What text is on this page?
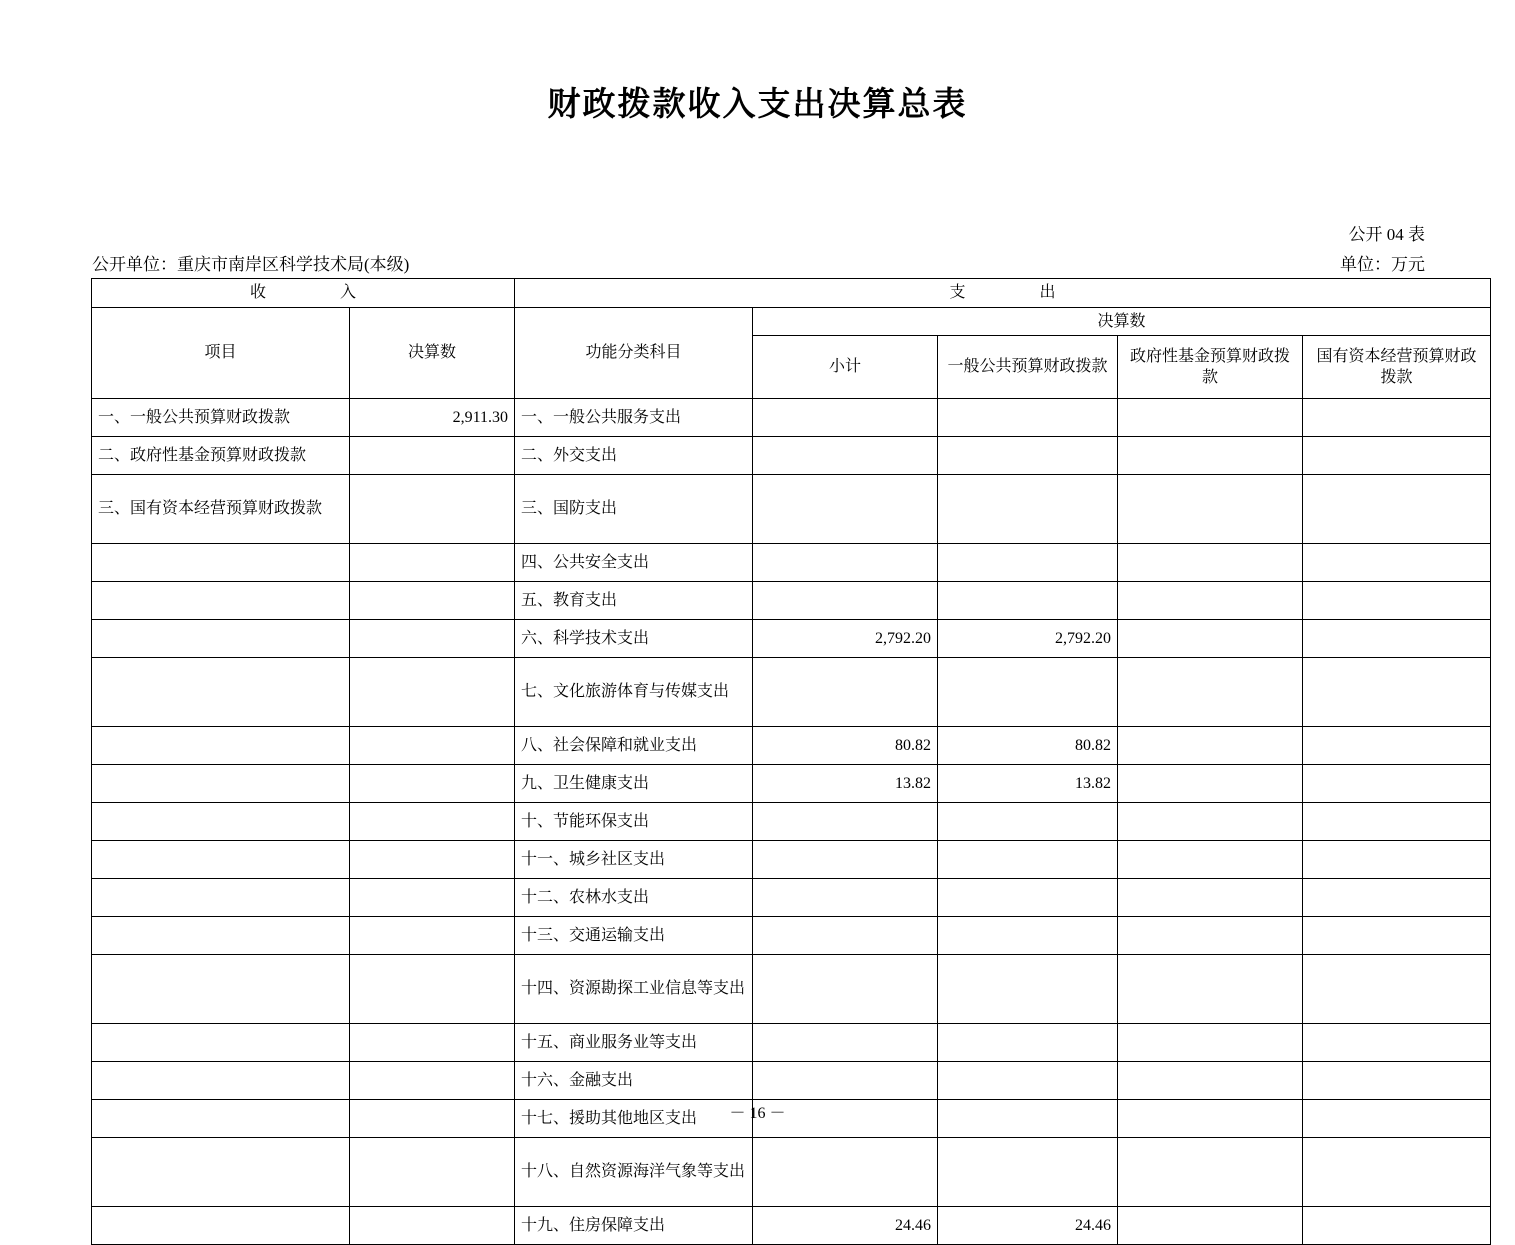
财政拨款收入支出决算总表
公开 04 表
公开单位：重庆市南岸区科学技术局(本级)	单位：万元
收　　入		支　　出				
项目	决算数	功能分类科目	决算数			
			小计	一般公共预算财政拨款	政府性基金预算财政拨款	国有资本经营预算财政拨款
一、一般公共预算财政拨款	2,911.30	一、一般公共服务支出				
二、政府性基金预算财政拨款		二、外交支出				
三、国有资本经营预算财政拨款		三、国防支出				
		四、公共安全支出				
		五、教育支出				
		六、科学技术支出	2,792.20	2,792.20		
		七、文化旅游体育与传媒支出				
		八、社会保障和就业支出	80.82	80.82		
		九、卫生健康支出	13.82	13.82		
		十、节能环保支出				
		十一、城乡社区支出				
		十二、农林水支出				
		十三、交通运输支出				
		十四、资源勘探工业信息等支出				
		十五、商业服务业等支出				
		十六、金融支出				
		十七、援助其他地区支出				
		十八、自然资源海洋气象等支出				
		十九、住房保障支出	24.46	24.46		
－ 16 －
